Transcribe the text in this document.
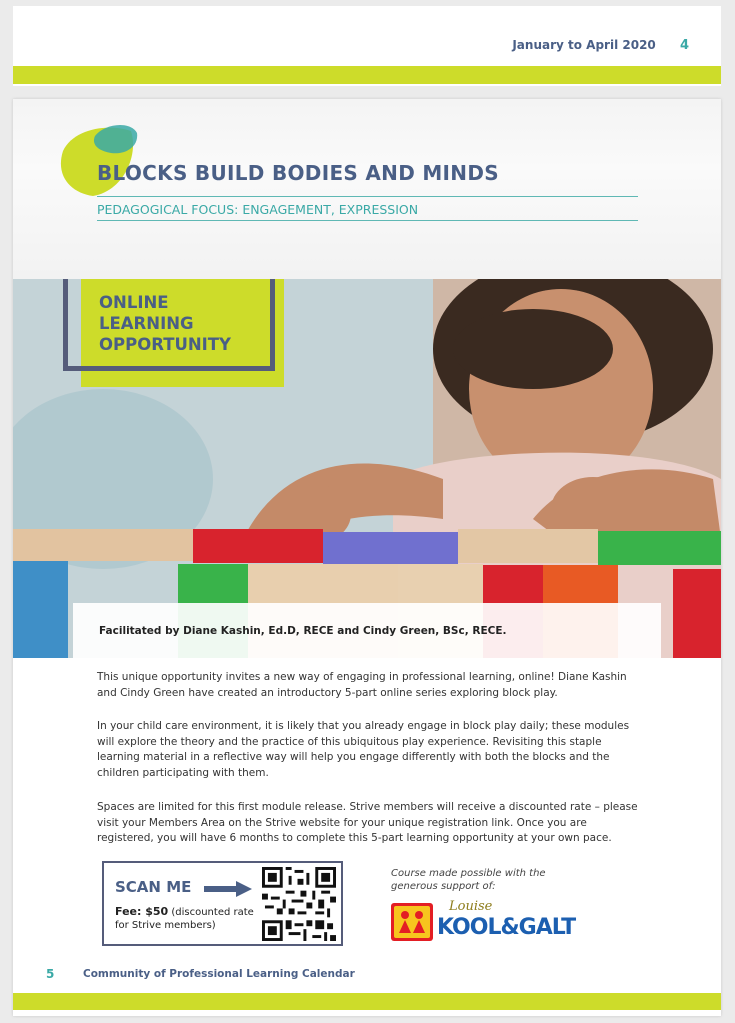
January to April 2020 4
BLOCKS BUILD BODIES AND MINDS
PEDAGOGICAL FOCUS: ENGAGEMENT, EXPRESSION
ONLINE
LEARNING
OPPORTUNITY
Facilitated by Diane Kashin, Ed.D, RECE and Cindy Green, BSc, RECE.

This unique opportunity invites a new way of engaging in professional learning, online! Diane Kashin and Cindy Green have created an introductory 5-part online series exploring block play.

In your child care environment, it is likely that you already engage in block play daily; these modules will explore the theory and the practice of this ubiquitous play experience. Revisiting this staple learning material in a reflective way will help you engage differently with both the blocks and the children participating with them.

Spaces are limited for this first module release. Strive members will receive a discounted rate – please visit your Members Area on the Strive website for your unique registration link. Once you are registered, you will have 6 months to complete this 5-part learning opportunity at your own pace.

SCAN ME
Fee: $50 (discounted rate for Strive members)
Course made possible with the generous support of:
Louise
KOOL&GALT
5	Community of Professional Learning Calendar
